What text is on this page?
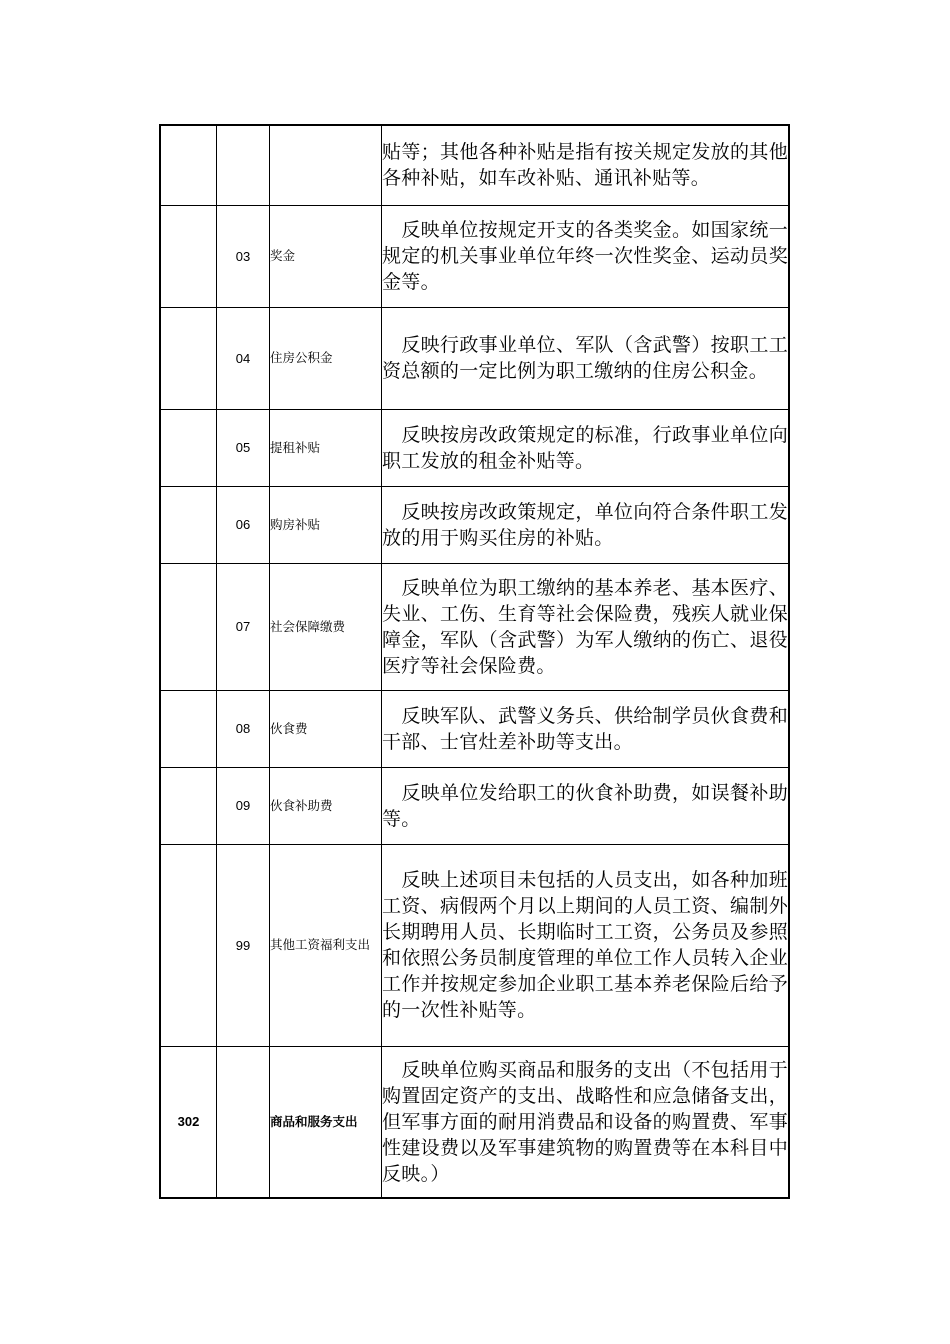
			贴等；其他各种补贴是指有按关规定发放的其他各种补贴，如车改补贴、通讯补贴等。
	03	奖金	　反映单位按规定开支的各类奖金。如国家统一规定的机关事业单位年终一次性奖金、运动员奖金等。
	04	住房公积金	　反映行政事业单位、军队（含武警）按职工工资总额的一定比例为职工缴纳的住房公积金。
	05	提租补贴	　反映按房改政策规定的标准，行政事业单位向职工发放的租金补贴等。
	06	购房补贴	　反映按房改政策规定，单位向符合条件职工发放的用于购买住房的补贴。
	07	社会保障缴费	　反映单位为职工缴纳的基本养老、基本医疗、失业、工伤、生育等社会保险费，残疾人就业保障金，军队（含武警）为军人缴纳的伤亡、退役医疗等社会保险费。
	08	伙食费	　反映军队、武警义务兵、供给制学员伙食费和干部、士官灶差补助等支出。
	09	伙食补助费	　反映单位发给职工的伙食补助费，如误餐补助等。
	99	其他工资福利支出	　反映上述项目未包括的人员支出，如各种加班工资、病假两个月以上期间的人员工资、编制外长期聘用人员、长期临时工工资，公务员及参照和依照公务员制度管理的单位工作人员转入企业工作并按规定参加企业职工基本养老保险后给予的一次性补贴等。
302		商品和服务支出	　反映单位购买商品和服务的支出（不包括用于购置固定资产的支出、战略性和应急储备支出，但军事方面的耐用消费品和设备的购置费、军事性建设费以及军事建筑物的购置费等在本科目中反映。）
